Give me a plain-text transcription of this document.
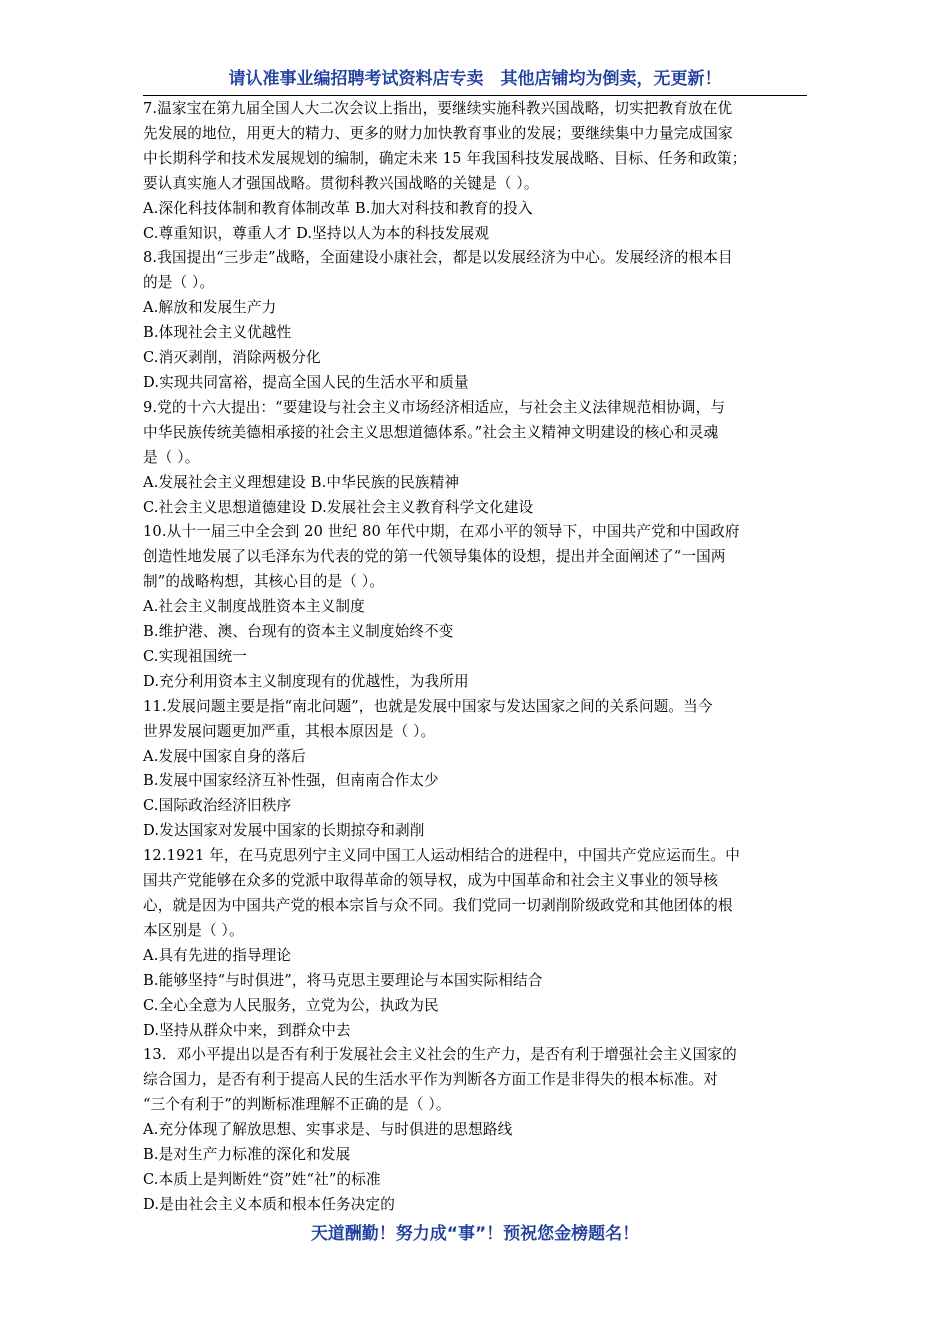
请认准事业编招聘考试资料店专卖　其他店铺均为倒卖，无更新！

7.温家宝在第九届全国人大二次会议上指出，要继续实施科教兴国战略，切实把教育放在优

先发展的地位，用更大的精力、更多的财力加快教育事业的发展；要继续集中力量完成国家

中长期科学和技术发展规划的编制，确定未来 15 年我国科技发展战略、目标、任务和政策；

要认真实施人才强国战略。贯彻科教兴国战略的关键是（ ）。

A.深化科技体制和教育体制改革 B.加大对科技和教育的投入

C.尊重知识，尊重人才 D.坚持以人为本的科技发展观

8.我国提出“三步走”战略，全面建设小康社会，都是以发展经济为中心。发展经济的根本目

的是（ ）。

A.解放和发展生产力

B.体现社会主义优越性

C.消灭剥削，消除两极分化

D.实现共同富裕，提高全国人民的生活水平和质量

9.党的十六大提出：“要建设与社会主义市场经济相适应，与社会主义法律规范相协调，与

中华民族传统美德相承接的社会主义思想道德体系。”社会主义精神文明建设的核心和灵魂

是（ ）。

A.发展社会主义理想建设 B.中华民族的民族精神

C.社会主义思想道德建设 D.发展社会主义教育科学文化建设

10.从十一届三中全会到 20 世纪 80 年代中期，在邓小平的领导下，中国共产党和中国政府

创造性地发展了以毛泽东为代表的党的第一代领导集体的设想，提出并全面阐述了“一国两

制”的战略构想，其核心目的是（ ）。

A.社会主义制度战胜资本主义制度

B.维护港、澳、台现有的资本主义制度始终不变

C.实现祖国统一

D.充分利用资本主义制度现有的优越性，为我所用

11.发展问题主要是指“南北问题”，也就是发展中国家与发达国家之间的关系问题。当今

世界发展问题更加严重，其根本原因是（ ）。

A.发展中国家自身的落后

B.发展中国家经济互补性强，但南南合作太少

C.国际政治经济旧秩序

D.发达国家对发展中国家的长期掠夺和剥削

12.1921 年，在马克思列宁主义同中国工人运动相结合的进程中，中国共产党应运而生。中

国共产党能够在众多的党派中取得革命的领导权，成为中国革命和社会主义事业的领导核

心，就是因为中国共产党的根本宗旨与众不同。我们党同一切剥削阶级政党和其他团体的根

本区别是（ ）。

A.具有先进的指导理论

B.能够坚持“与时俱进”，将马克思主要理论与本国实际相结合

C.全心全意为人民服务，立党为公，执政为民

D.坚持从群众中来，到群众中去

13．邓小平提出以是否有利于发展社会主义社会的生产力，是否有利于增强社会主义国家的

综合国力，是否有利于提高人民的生活水平作为判断各方面工作是非得失的根本标准。对

“三个有利于”的判断标准理解不正确的是（ ）。

A.充分体现了解放思想、实事求是、与时俱进的思想路线

B.是对生产力标准的深化和发展

C.本质上是判断姓“资”姓“社”的标准

D.是由社会主义本质和根本任务决定的

天道酬勤！努力成“事”！预祝您金榜题名！
